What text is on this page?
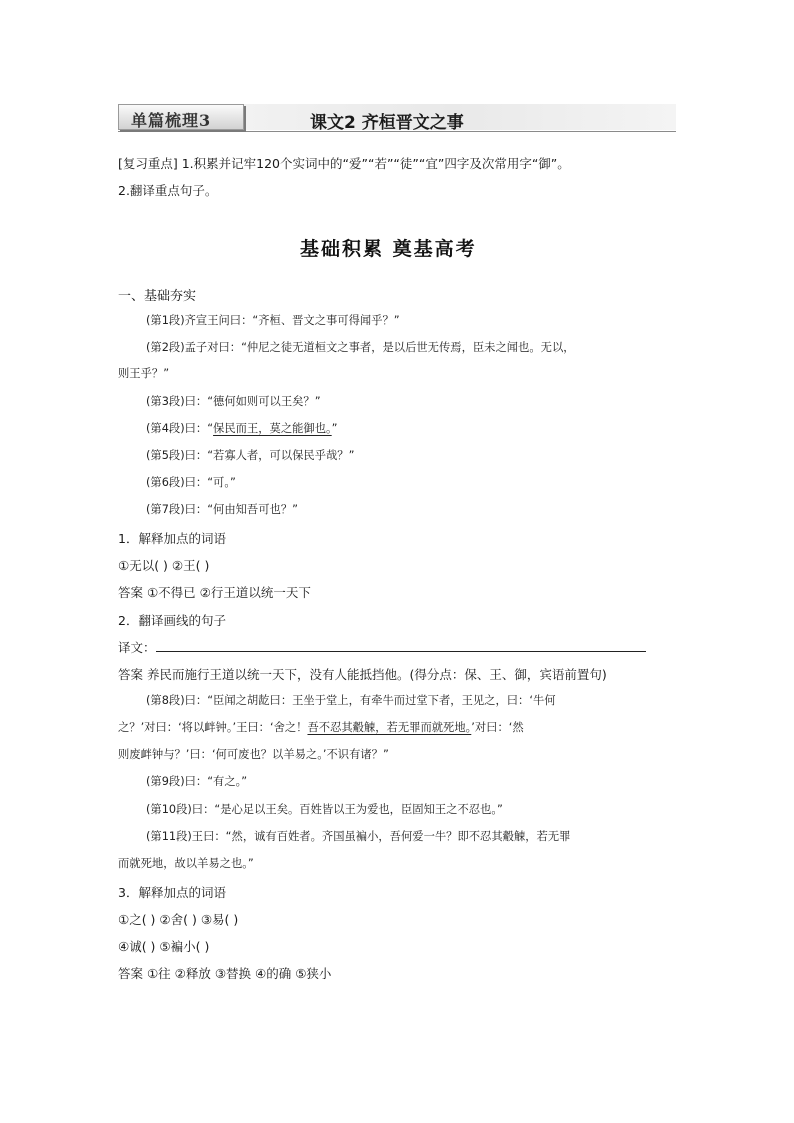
单篇梳理3	课文2 齐桓晋文之事
[复习重点] 1.积累并记牢120个实词中的“爱”“若”“徒”“宜”四字及次常用字“御”。
2.翻译重点句子。
基础积累 奠基高考
一、基础夯实
(第1段)齐宣王问曰：“齐桓、晋文之事可得闻乎？”
(第2段)孟子对曰：“仲尼之徒无道桓文之事者，是以后世无传焉，臣未之闻也。无以，
则王乎？”
(第3段)曰：“德何如则可以王矣？”
(第4段)曰：“保民而王，莫之能御也。”
(第5段)曰：“若寡人者，可以保民乎哉？”
(第6段)曰：“可。”
(第7段)曰：“何由知吾可也？”
1．解释加点的词语
①无以( ) ②王( )
答案 ①不得已 ②行王道以统一天下
2．翻译画线的句子
译文：
答案 养民而施行王道以统一天下，没有人能抵挡他。(得分点：保、王、御，宾语前置句)
(第8段)曰：“臣闻之胡龁曰：王坐于堂上，有牵牛而过堂下者，王见之，曰：‘牛何
之？’对曰：‘将以衅钟。’王曰：‘舍之！吾不忍其觳觫，若无罪而就死地。’对曰：‘然
则废衅钟与？’曰：‘何可废也？以羊易之。’不识有诸？”
(第9段)曰：“有之。”
(第10段)曰：“是心足以王矣。百姓皆以王为爱也，臣固知王之不忍也。”
(第11段)王曰：“然，诚有百姓者。齐国虽褊小，吾何爱一牛？即不忍其觳觫，若无罪
而就死地，故以羊易之也。”
3．解释加点的词语
①之( ) ②舍( ) ③易( )
④诚( ) ⑤褊小( )
答案 ①往 ②释放 ③替换 ④的确 ⑤狭小
